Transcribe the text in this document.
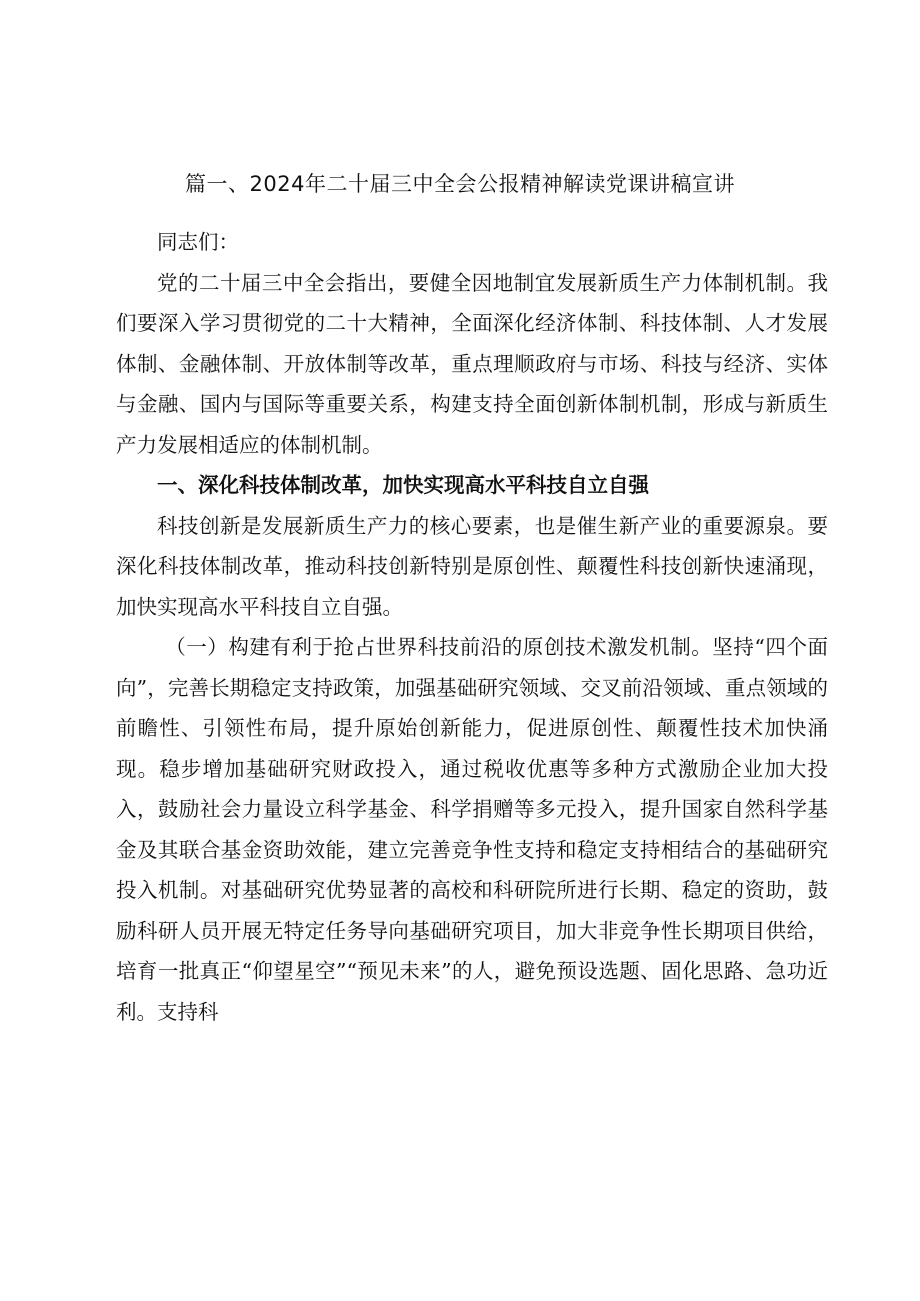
篇一、2024年二十届三中全会公报精神解读党课讲稿宣讲

同志们：

党的二十届三中全会指出，要健全因地制宜发展新质生产力体制机制。我们要深入学习贯彻党的二十大精神，全面深化经济体制、科技体制、人才发展体制、金融体制、开放体制等改革，重点理顺政府与市场、科技与经济、实体与金融、国内与国际等重要关系，构建支持全面创新体制机制，形成与新质生产力发展相适应的体制机制。

一、深化科技体制改革，加快实现高水平科技自立自强

科技创新是发展新质生产力的核心要素，也是催生新产业的重要源泉。要深化科技体制改革，推动科技创新特别是原创性、颠覆性科技创新快速涌现，加快实现高水平科技自立自强。

（一）构建有利于抢占世界科技前沿的原创技术激发机制。坚持“四个面向”，完善长期稳定支持政策，加强基础研究领域、交叉前沿领域、重点领域的前瞻性、引领性布局，提升原始创新能力，促进原创性、颠覆性技术加快涌现。稳步增加基础研究财政投入，通过税收优惠等多种方式激励企业加大投入，鼓励社会力量设立科学基金、科学捐赠等多元投入，提升国家自然科学基金及其联合基金资助效能，建立完善竞争性支持和稳定支持相结合的基础研究投入机制。对基础研究优势显著的高校和科研院所进行长期、稳定的资助，鼓励科研人员开展无特定任务导向基础研究项目，加大非竞争性长期项目供给，培育一批真正“仰望星空”“预见未来”的人，避免预设选题、固化思路、急功近利。支持科
